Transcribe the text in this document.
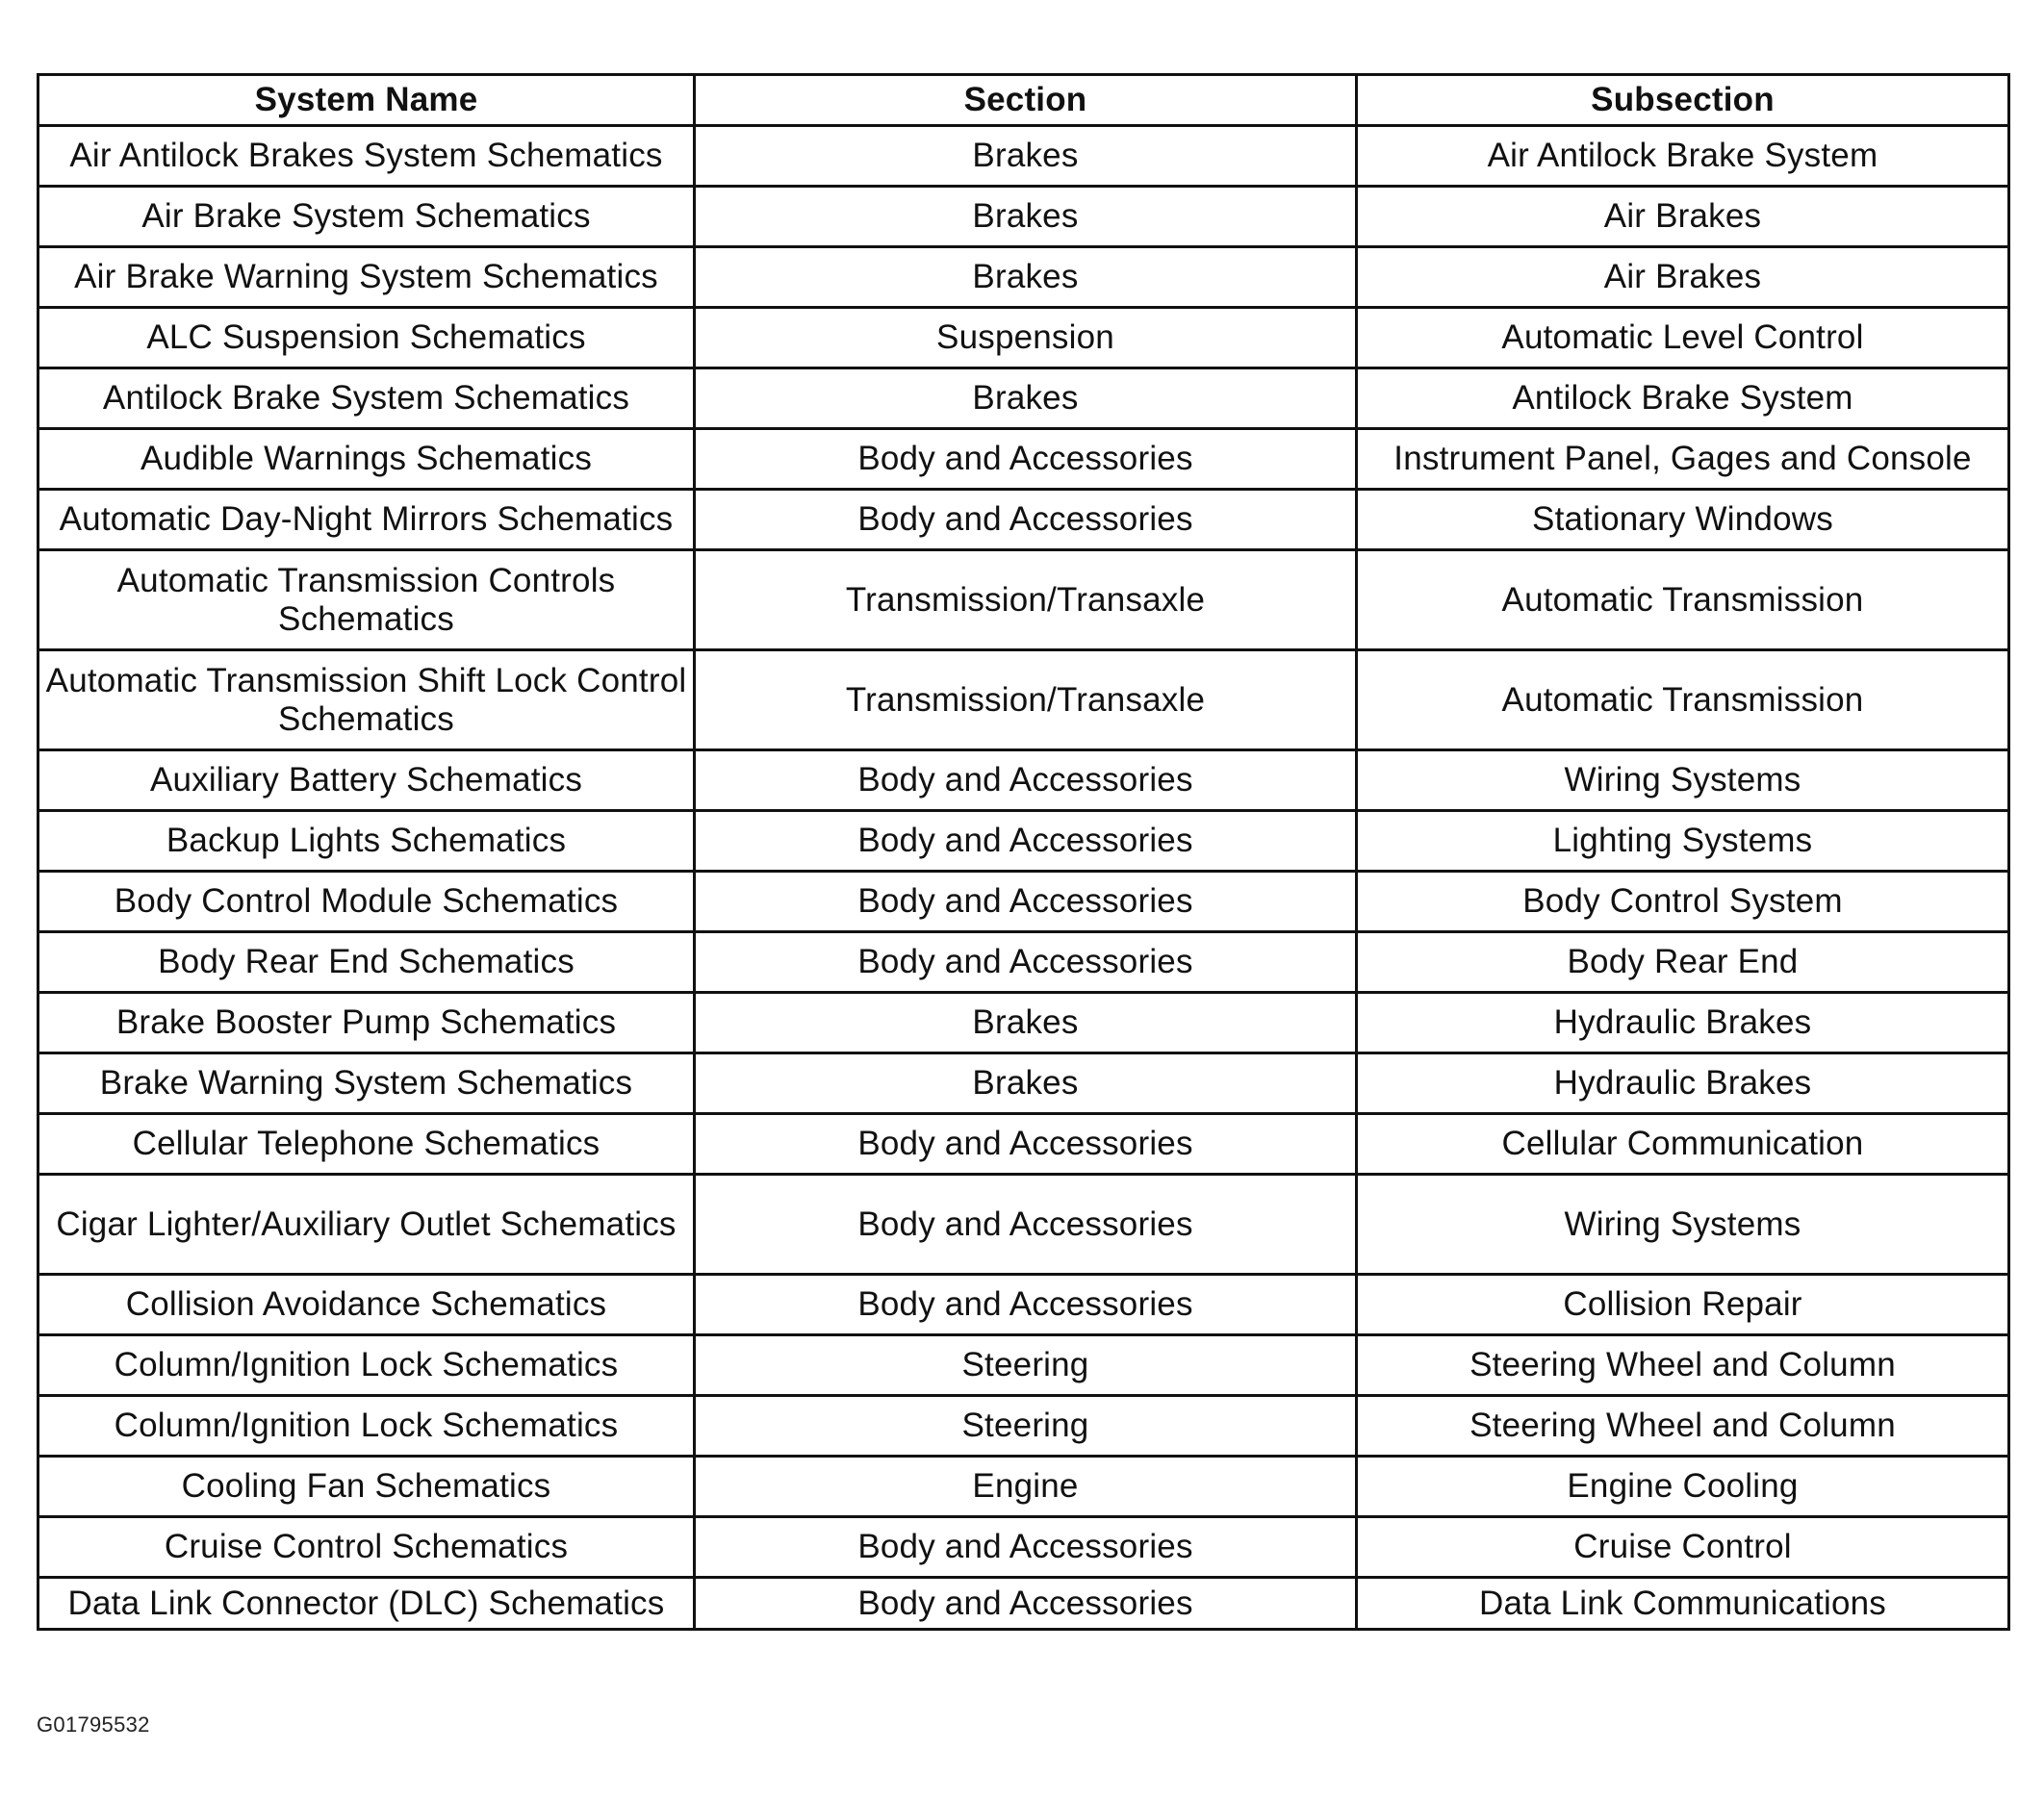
System Name	Section	Subsection
Air Antilock Brakes System Schematics	Brakes	Air Antilock Brake System
Air Brake System Schematics	Brakes	Air Brakes
Air Brake Warning System Schematics	Brakes	Air Brakes
ALC Suspension Schematics	Suspension	Automatic Level Control
Antilock Brake System Schematics	Brakes	Antilock Brake System
Audible Warnings Schematics	Body and Accessories	Instrument Panel, Gages and Console
Automatic Day-Night Mirrors Schematics	Body and Accessories	Stationary Windows
Automatic Transmission Controls Schematics	Transmission/Transaxle	Automatic Transmission
Automatic Transmission Shift Lock Control Schematics	Transmission/Transaxle	Automatic Transmission
Auxiliary Battery Schematics	Body and Accessories	Wiring Systems
Backup Lights Schematics	Body and Accessories	Lighting Systems
Body Control Module Schematics	Body and Accessories	Body Control System
Body Rear End Schematics	Body and Accessories	Body Rear End
Brake Booster Pump Schematics	Brakes	Hydraulic Brakes
Brake Warning System Schematics	Brakes	Hydraulic Brakes
Cellular Telephone Schematics	Body and Accessories	Cellular Communication
Cigar Lighter/Auxiliary Outlet Schematics	Body and Accessories	Wiring Systems
Collision Avoidance Schematics	Body and Accessories	Collision Repair
Column/Ignition Lock Schematics	Steering	Steering Wheel and Column
Column/Ignition Lock Schematics	Steering	Steering Wheel and Column
Cooling Fan Schematics	Engine	Engine Cooling
Cruise Control Schematics	Body and Accessories	Cruise Control
Data Link Connector (DLC) Schematics	Body and Accessories	Data Link Communications
G01795532
